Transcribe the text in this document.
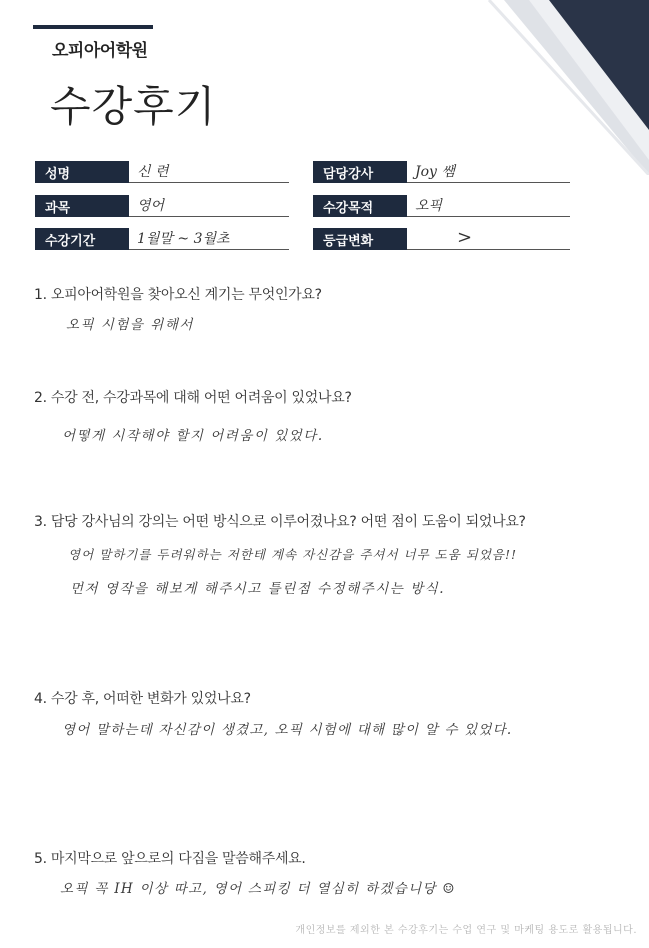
오피아어학원
수강후기
성명	신 련	담당강사	Joy 쌤
과목	영어	수강목적	오픽
수강기간	1월말 ~ 3월초	등급변화	>
1. 오피아어학원을 찾아오신 계기는 무엇인가요?
오픽 시험을 위해서
2. 수강 전, 수강과목에 대해 어떤 어려움이 있었나요?
어떻게 시작해야 할지 어려움이 있었다.
3. 담당 강사님의 강의는 어떤 방식으로 이루어졌나요? 어떤 점이 도움이 되었나요?
영어 말하기를 두려워하는 저한테 계속 자신감을 주셔서 너무 도움 되었음!!
먼저 영작을 해보게 해주시고 틀린점 수정해주시는 방식.
4. 수강 후, 어떠한 변화가 있었나요?
영어 말하는데 자신감이 생겼고, 오픽 시험에 대해 많이 알 수 있었다.
5. 마지막으로 앞으로의 다짐을 말씀해주세요.
오픽 꼭 IH 이상 따고, 영어 스피킹 더 열심히 하겠습니당 ☺
개인정보를 제외한 본 수강후기는 수업 연구 및 마케팅 용도로 활용됩니다.
